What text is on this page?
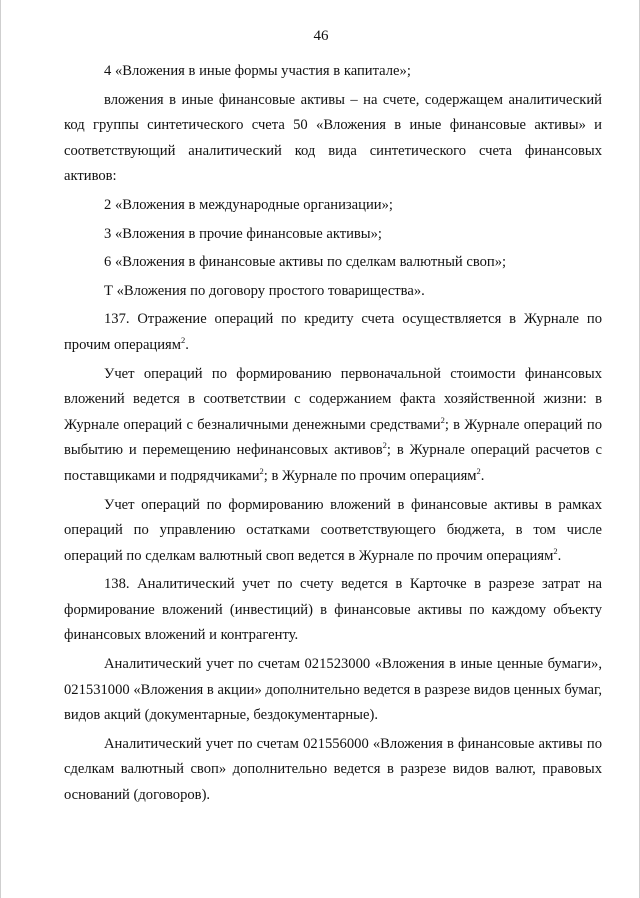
46

4 «Вложения в иные формы участия в капитале»;

вложения в иные финансовые активы – на счете, содержащем аналитический код группы синтетического счета 50 «Вложения в иные финансовые активы» и соответствующий аналитический код вида синтетического счета финансовых активов:

2 «Вложения в международные организации»;

3 «Вложения в прочие финансовые активы»;

6 «Вложения в финансовые активы по сделкам валютный своп»;

Т «Вложения по договору простого товарищества».

137. Отражение операций по кредиту счета осуществляется в Журнале по прочим операциям$^2$.

Учет операций по формированию первоначальной стоимости финансовых вложений ведется в соответствии с содержанием факта хозяйственной жизни: в Журнале операций с безналичными денежными средствами$^2$; в Журнале операций по выбытию и перемещению нефинансовых активов$^2$; в Журнале операций расчетов с поставщиками и подрядчиками$^2$; в Журнале по прочим операциям$^2$.

Учет операций по формированию вложений в финансовые активы в рамках операций по управлению остатками соответствующего бюджета, в том числе операций по сделкам валютный своп ведется в Журнале по прочим операциям$^2$.

138. Аналитический учет по счету ведется в Карточке в разрезе затрат на формирование вложений (инвестиций) в финансовые активы по каждому объекту финансовых вложений и контрагенту.

Аналитический учет по счетам 021523000 «Вложения в иные ценные бумаги», 021531000 «Вложения в акции» дополнительно ведется в разрезе видов ценных бумаг, видов акций (документарные, бездокументарные).

Аналитический учет по счетам 021556000 «Вложения в финансовые активы по сделкам валютный своп» дополнительно ведется в разрезе видов валют, правовых оснований (договоров).
